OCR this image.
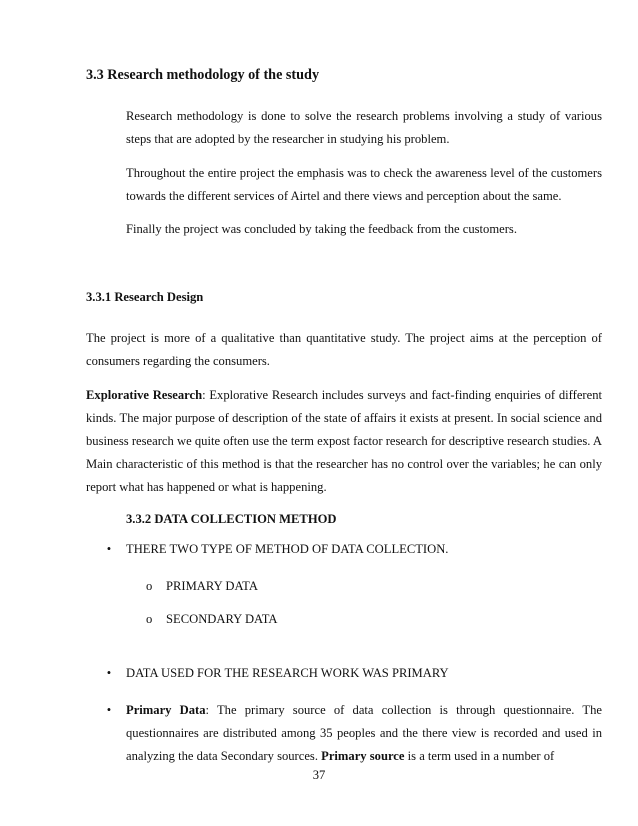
3.3 Research methodology of the study
Research methodology is done to solve the research problems involving a study of various steps that are adopted by the researcher in studying his problem.
Throughout the entire project the emphasis was to check the awareness level of the customers towards the different services of Airtel and there views and perception about the same.
Finally the project was concluded by taking the feedback from the customers.
3.3.1 Research Design
The project is more of a qualitative than quantitative study. The project aims at the perception of consumers regarding the consumers.
Explorative Research: Explorative Research includes surveys and fact-finding enquiries of different kinds. The major purpose of description of the state of affairs it exists at present. In social science and business research we quite often use the term expost factor research for descriptive research studies. A Main characteristic of this method is that the researcher has no control over the variables; he can only report what has happened or what is happening.
3.3.2 DATA COLLECTION METHOD
•	THERE TWO TYPE OF METHOD OF DATA COLLECTION.
o PRIMARY DATA
o SECONDARY DATA
•	DATA USED FOR THE RESEARCH WORK WAS PRIMARY
•	Primary Data: The primary source of data collection is through questionnaire. The questionnaires are distributed among 35 peoples and the there view is recorded and used in analyzing the data Secondary sources. Primary source is a term used in a number of
37
